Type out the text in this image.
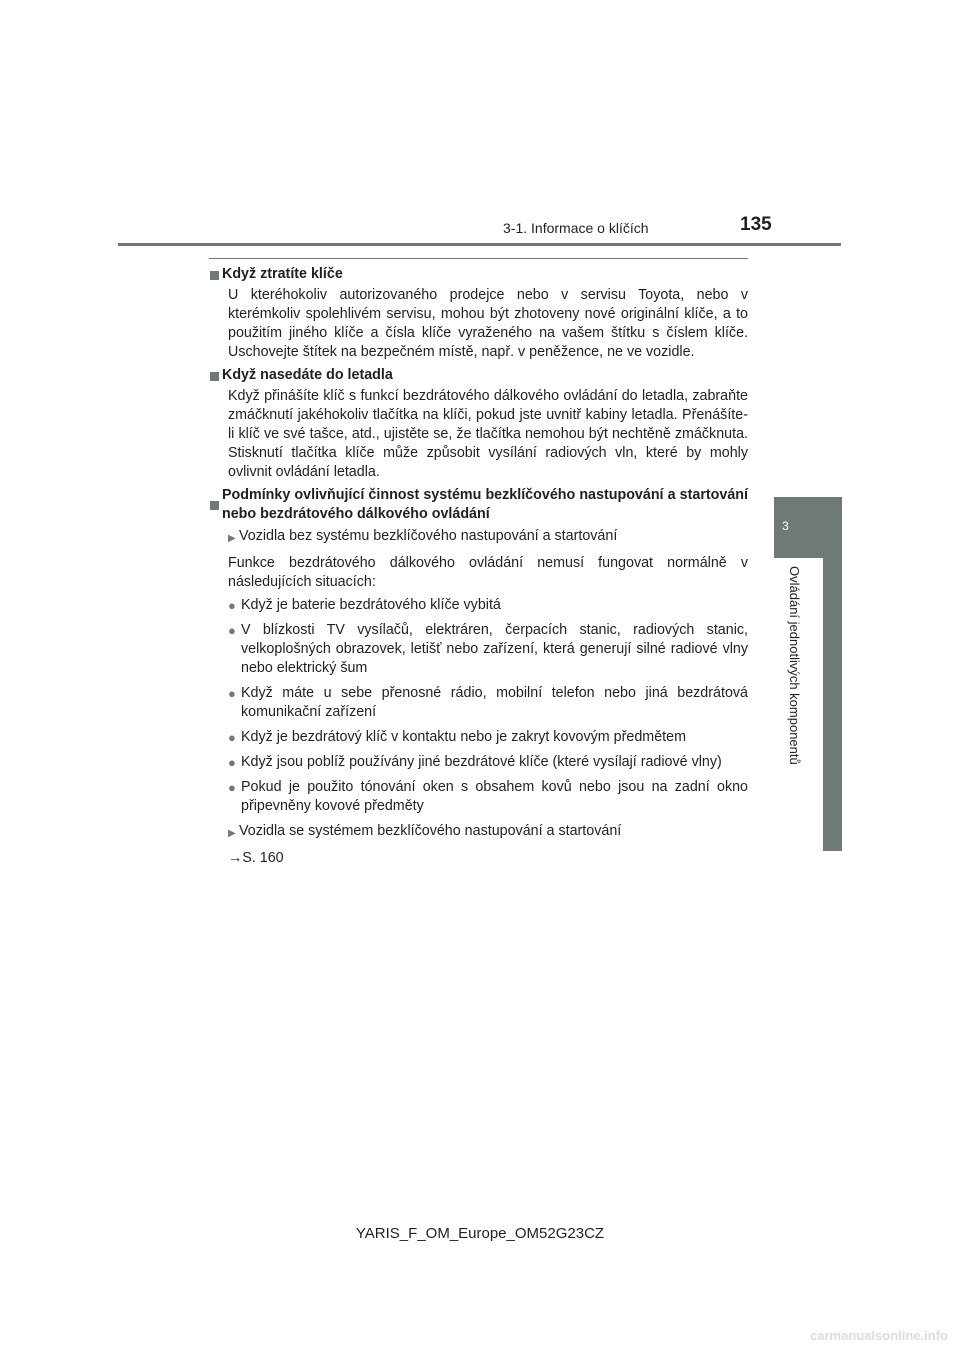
3-1. Informace o klíčích	135
3
Ovládání jednotlivých komponentů
Když ztratíte klíče

U kteréhokoliv autorizovaného prodejce nebo v servisu Toyota, nebo v kterémkoliv spolehlivém servisu, mohou být zhotoveny nové originální klíče, a to použitím jiného klíče a čísla klíče vyraženého na vašem štítku s číslem klíče. Uschovejte štítek na bezpečném místě, např. v peněžence, ne ve vozidle.

Když nasedáte do letadla

Když přinášíte klíč s funkcí bezdrátového dálkového ovládání do letadla, zabraňte zmáčknutí jakéhokoliv tlačítka na klíči, pokud jste uvnitř kabiny letadla. Přenášíte-li klíč ve své tašce, atd., ujistěte se, že tlačítka nemohou být nechtěně zmáčknuta. Stisknutí tlačítka klíče může způsobit vysílání radiových vln, které by mohly ovlivnit ovládání letadla.

Podmínky ovlivňující činnost systému bezklíčového nastupování a startování nebo bezdrátového dálkového ovládání
▶ Vozidla bez systému bezklíčového nastupování a startování

Funkce bezdrátového dálkového ovládání nemusí fungovat normálně v následujících situacích:

● Když je baterie bezdrátového klíče vybitá
● V blízkosti TV vysílačů, elektráren, čerpacích stanic, radiových stanic, velkoplošných obrazovek, letišť nebo zařízení, která generují silné radiové vlny nebo elektrický šum
● Když máte u sebe přenosné rádio, mobilní telefon nebo jiná bezdrátová komunikační zařízení
● Když je bezdrátový klíč v kontaktu nebo je zakryt kovovým předmětem
● Když jsou poblíž používány jiné bezdrátové klíče (které vysílají radiové vlny)
● Pokud je použito tónování oken s obsahem kovů nebo jsou na zadní okno připevněny kovové předměty
▶ Vozidla se systémem bezklíčového nastupování a startování
→S. 160
YARIS_F_OM_Europe_OM52G23CZ
carmanualsonline.info
